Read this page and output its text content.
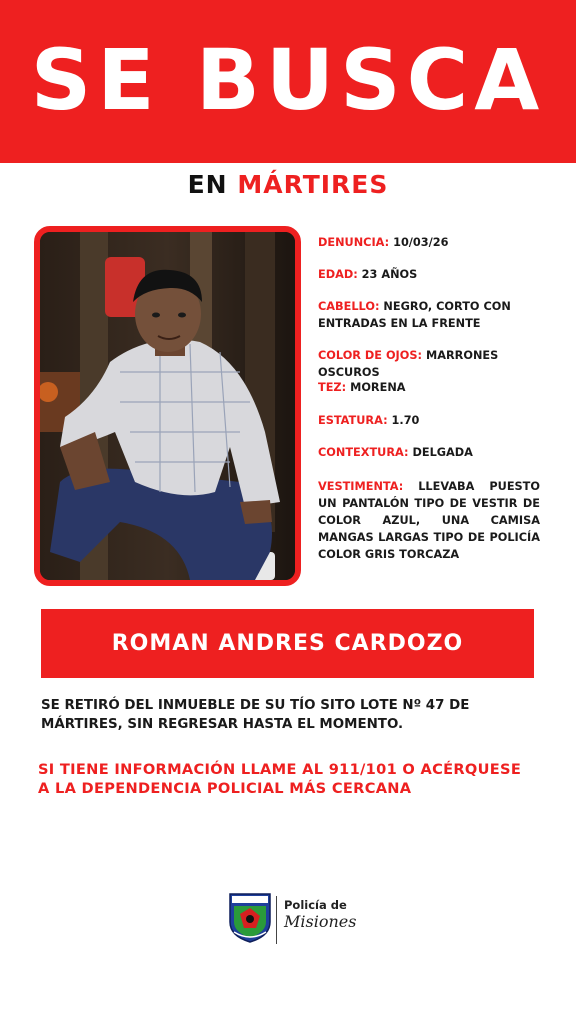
SE BUSCA
EN MÁRTIRES
DENUNCIA: 10/03/26
EDAD: 23 AÑOS
CABELLO: NEGRO, CORTO CON ENTRADAS EN LA FRENTE
COLOR DE OJOS: MARRONES OSCUROS
TEZ: MORENA
ESTATURA: 1.70
CONTEXTURA: DELGADA
VESTIMENTA: LLEVABA PUESTO UN PANTALÓN TIPO DE VESTIR DE COLOR AZUL, UNA CAMISA MANGAS LARGAS TIPO DE POLICÍA COLOR GRIS TORCAZA
ROMAN ANDRES CARDOZO
SE RETIRÓ DEL INMUEBLE DE SU TÍO SITO LOTE Nº 47 DE MÁRTIRES, SIN REGRESAR HASTA EL MOMENTO.
SI TIENE INFORMACIÓN LLAME AL 911/101 O ACÉRQUESE A LA DEPENDENCIA POLICIAL MÁS CERCANA
Policía de
Misiones
